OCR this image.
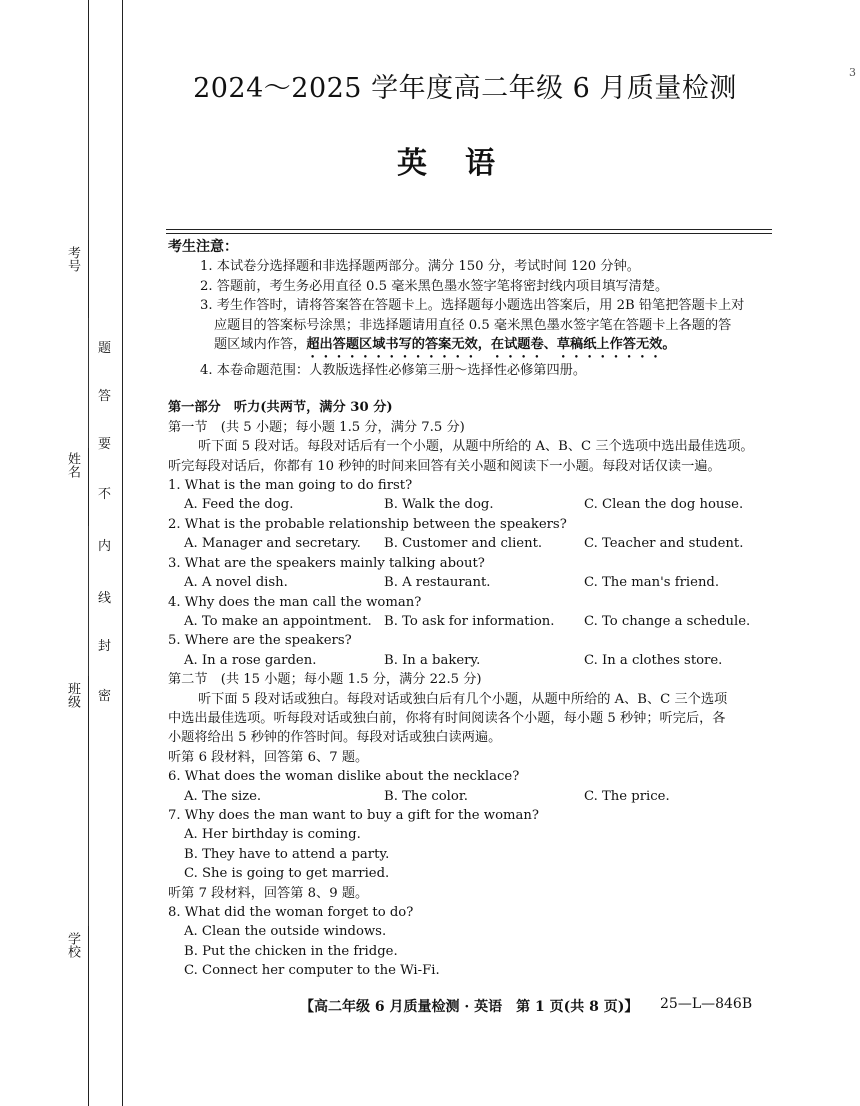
考号
姓名
班级
学校
密
封
线
内
不
要
答
题
3
2024～2025 学年度高二年级 6 月质量检测
英语
考生注意：
1. 本试卷分选择题和非选择题两部分。满分 150 分，考试时间 120 分钟。
2. 答题前，考生务必用直径 0.5 毫米黑色墨水签字笔将密封线内项目填写清楚。
3. 考生作答时，请将答案答在答题卡上。选择题每小题选出答案后，用 2B 铅笔把答题卡上对
应题目的答案标号涂黑；非选择题请用直径 0.5 毫米黑色墨水签字笔在答题卡上各题的答
题区域内作答，超出答题区域书写的答案无效，在试题卷、草稿纸上作答无效。
4. 本卷命题范围：人教版选择性必修第三册～选择性必修第四册。
第一部分　听力(共两节，满分 30 分)
第一节　(共 5 小题；每小题 1.5 分，满分 7.5 分)
听下面 5 段对话。每段对话后有一个小题，从题中所给的 A、B、C 三个选项中选出最佳选项。
听完每段对话后，你都有 10 秒钟的时间来回答有关小题和阅读下一小题。每段对话仅读一遍。
1. What is the man going to do first?
A. Feed the dog.	B. Walk the dog.	C. Clean the dog house.
2. What is the probable relationship between the speakers?
A. Manager and secretary.	B. Customer and client.	C. Teacher and student.
3. What are the speakers mainly talking about?
A. A novel dish.	B. A restaurant.	C. The man's friend.
4. Why does the man call the woman?
A. To make an appointment. B. To ask for information.	C. To change a schedule.
5. Where are the speakers?
A. In a rose garden.	B. In a bakery.	C. In a clothes store.
第二节　(共 15 小题；每小题 1.5 分，满分 22.5 分)
听下面 5 段对话或独白。每段对话或独白后有几个小题，从题中所给的 A、B、C 三个选项
中选出最佳选项。听每段对话或独白前，你将有时间阅读各个小题，每小题 5 秒钟；听完后，各
小题将给出 5 秒钟的作答时间。每段对话或独白读两遍。
听第 6 段材料，回答第 6、7 题。
6. What does the woman dislike about the necklace?
A. The size.	B. The color.	C. The price.
7. Why does the man want to buy a gift for the woman?
A. Her birthday is coming.
B. They have to attend a party.
C. She is going to get married.
听第 7 段材料，回答第 8、9 题。
8. What did the woman forget to do?
A. Clean the outside windows.
B. Put the chicken in the fridge.
C. Connect her computer to the Wi-Fi.
【高二年级 6 月质量检测 · 英语　第 1 页(共 8 页)】 25—L—846B
